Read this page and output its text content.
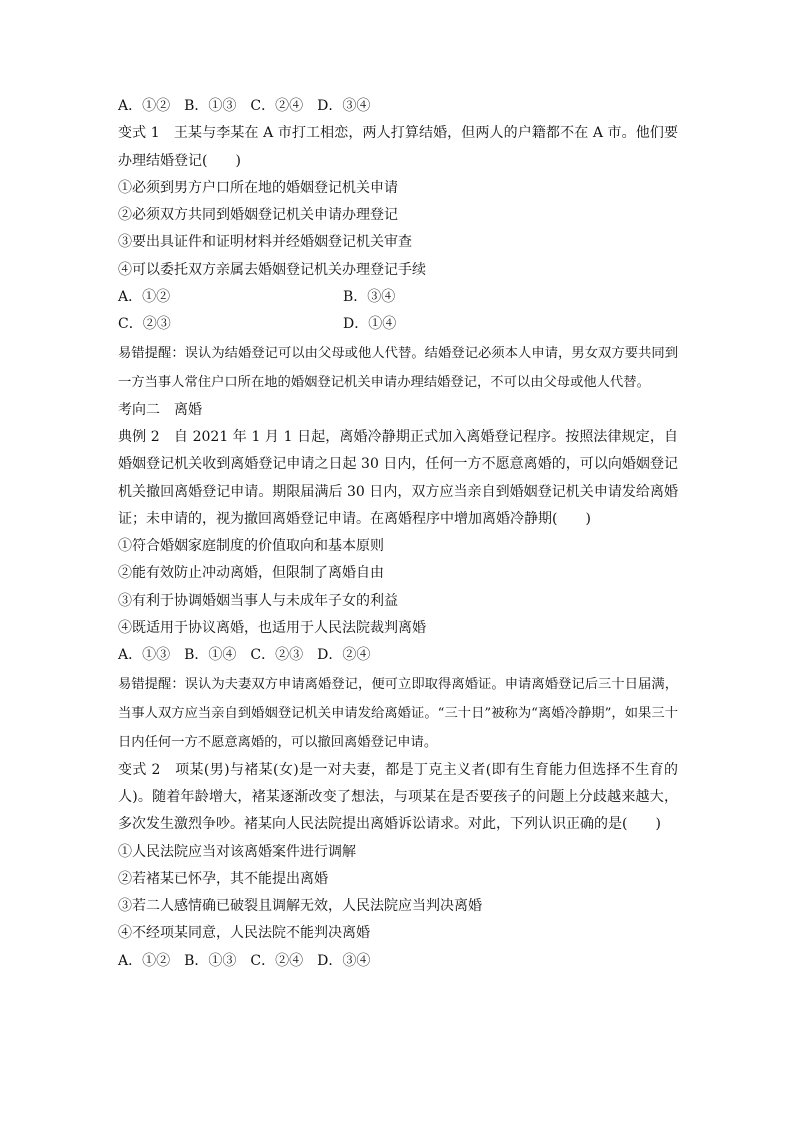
A．①②　B．①③　C．②④　D．③④
变式 1　王某与李某在 A 市打工相恋，两人打算结婚，但两人的户籍都不在 A 市。他们要办理结婚登记(　　)
①必须到男方户口所在地的婚姻登记机关申请
②必须双方共同到婚姻登记机关申请办理登记
③要出具证件和证明材料并经婚姻登记机关审查
④可以委托双方亲属去婚姻登记机关办理登记手续
A．①②	B．③④
C．②③	D．①④
易错提醒：误认为结婚登记可以由父母或他人代替。结婚登记必须本人申请，男女双方要共同到一方当事人常住户口所在地的婚姻登记机关申请办理结婚登记，不可以由父母或他人代替。
考向二　离婚
典例 2　自 2021 年 1 月 1 日起，离婚冷静期正式加入离婚登记程序。按照法律规定，自婚姻登记机关收到离婚登记申请之日起 30 日内，任何一方不愿意离婚的，可以向婚姻登记机关撤回离婚登记申请。期限届满后 30 日内，双方应当亲自到婚姻登记机关申请发给离婚证；未申请的，视为撤回离婚登记申请。在离婚程序中增加离婚冷静期(　　)
①符合婚姻家庭制度的价值取向和基本原则
②能有效防止冲动离婚，但限制了离婚自由
③有利于协调婚姻当事人与未成年子女的利益
④既适用于协议离婚，也适用于人民法院裁判离婚
A．①③　B．①④　C．②③　D．②④
易错提醒：误认为夫妻双方申请离婚登记，便可立即取得离婚证。申请离婚登记后三十日届满，当事人双方应当亲自到婚姻登记机关申请发给离婚证。“三十日”被称为“离婚冷静期”，如果三十日内任何一方不愿意离婚的，可以撤回离婚登记申请。
变式 2　项某(男)与褚某(女)是一对夫妻，都是丁克主义者(即有生育能力但选择不生育的人)。随着年龄增大，褚某逐渐改变了想法，与项某在是否要孩子的问题上分歧越来越大，多次发生激烈争吵。褚某向人民法院提出离婚诉讼请求。对此，下列认识正确的是(　　)
①人民法院应当对该离婚案件进行调解
②若褚某已怀孕，其不能提出离婚
③若二人感情确已破裂且调解无效，人民法院应当判决离婚
④不经项某同意，人民法院不能判决离婚
A．①②　B．①③　C．②④　D．③④
